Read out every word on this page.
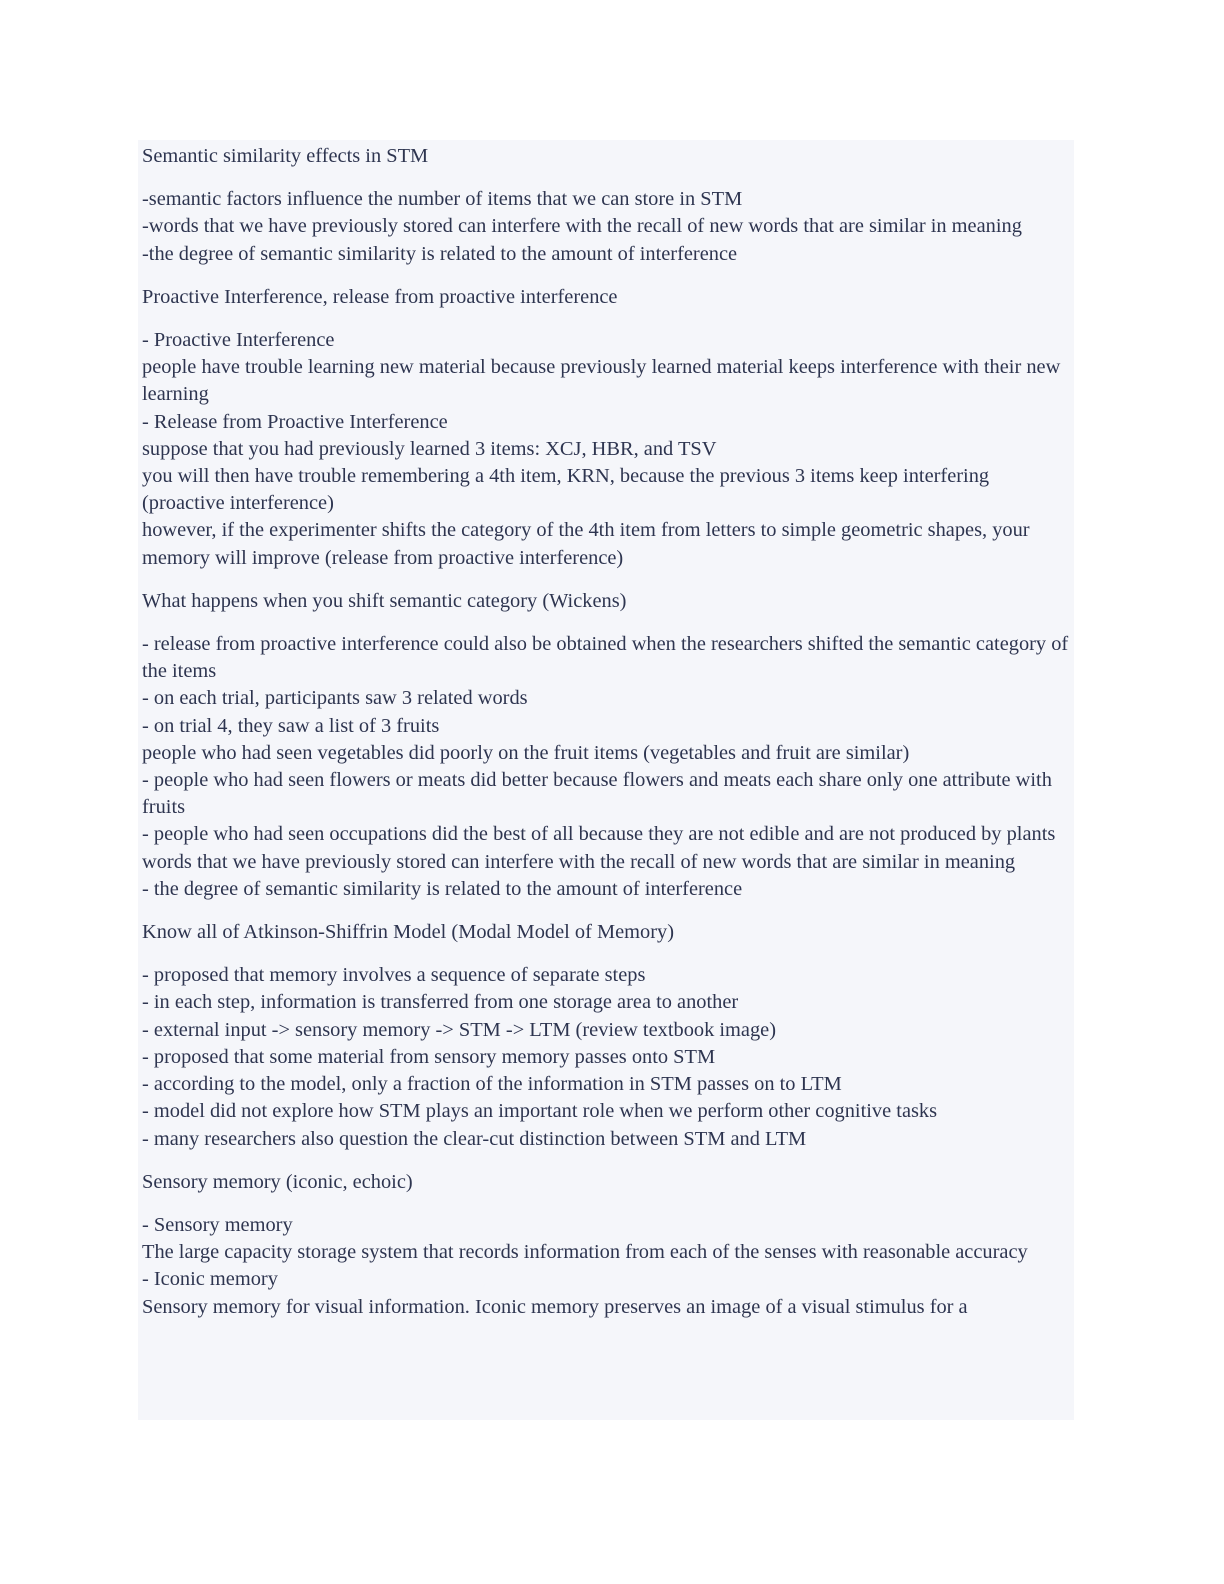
Semantic similarity effects in STM
-semantic factors influence the number of items that we can store in STM
-words that we have previously stored can interfere with the recall of new words that are similar in meaning
-the degree of semantic similarity is related to the amount of interference
Proactive Interference, release from proactive interference
- Proactive Interference
people have trouble learning new material because previously learned material keeps interference with their new learning
- Release from Proactive Interference
suppose that you had previously learned 3 items: XCJ, HBR, and TSV
you will then have trouble remembering a 4th item, KRN, because the previous 3 items keep interfering (proactive interference)
however, if the experimenter shifts the category of the 4th item from letters to simple geometric shapes, your memory will improve (release from proactive interference)
What happens when you shift semantic category (Wickens)
- release from proactive interference could also be obtained when the researchers shifted the semantic category of the items
- on each trial, participants saw 3 related words
- on trial 4, they saw a list of 3 fruits
people who had seen vegetables did poorly on the fruit items (vegetables and fruit are similar)
- people who had seen flowers or meats did better because flowers and meats each share only one attribute with fruits
- people who had seen occupations did the best of all because they are not edible and are not produced by plants
words that we have previously stored can interfere with the recall of new words that are similar in meaning
- the degree of semantic similarity is related to the amount of interference
Know all of Atkinson-Shiffrin Model (Modal Model of Memory)
- proposed that memory involves a sequence of separate steps
- in each step, information is transferred from one storage area to another
- external input -> sensory memory -> STM -> LTM (review textbook image)
- proposed that some material from sensory memory passes onto STM
- according to the model, only a fraction of the information in STM passes on to LTM
- model did not explore how STM plays an important role when we perform other cognitive tasks
- many researchers also question the clear-cut distinction between STM and LTM
Sensory memory (iconic, echoic)
- Sensory memory
The large capacity storage system that records information from each of the senses with reasonable accuracy
- Iconic memory
Sensory memory for visual information. Iconic memory preserves an image of a visual stimulus for a
